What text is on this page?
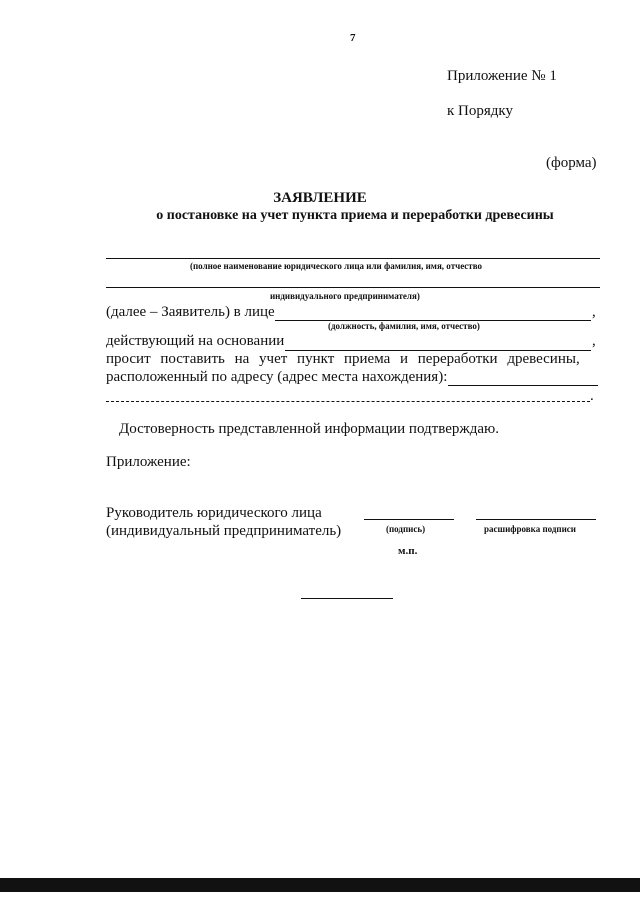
7
Приложение № 1
к Порядку
(форма)
ЗАЯВЛЕНИЕ
о постановке на учет пункта приема и переработки древесины
(полное наименование юридического лица или фамилия, имя, отчество
индивидуального предпринимателя)
(далее – Заявитель) в лице	,
(должность, фамилия, имя, отчество)
действующий на основании	,
просит поставить на учет пункт приема и переработки древесины,
расположенный по адресу (адрес места нахождения):
.
Достоверность представленной информации подтверждаю.
Приложение:
Руководитель юридического лица
(индивидуальный предприниматель)	(подпись)	расшифровка подписи
м.п.
